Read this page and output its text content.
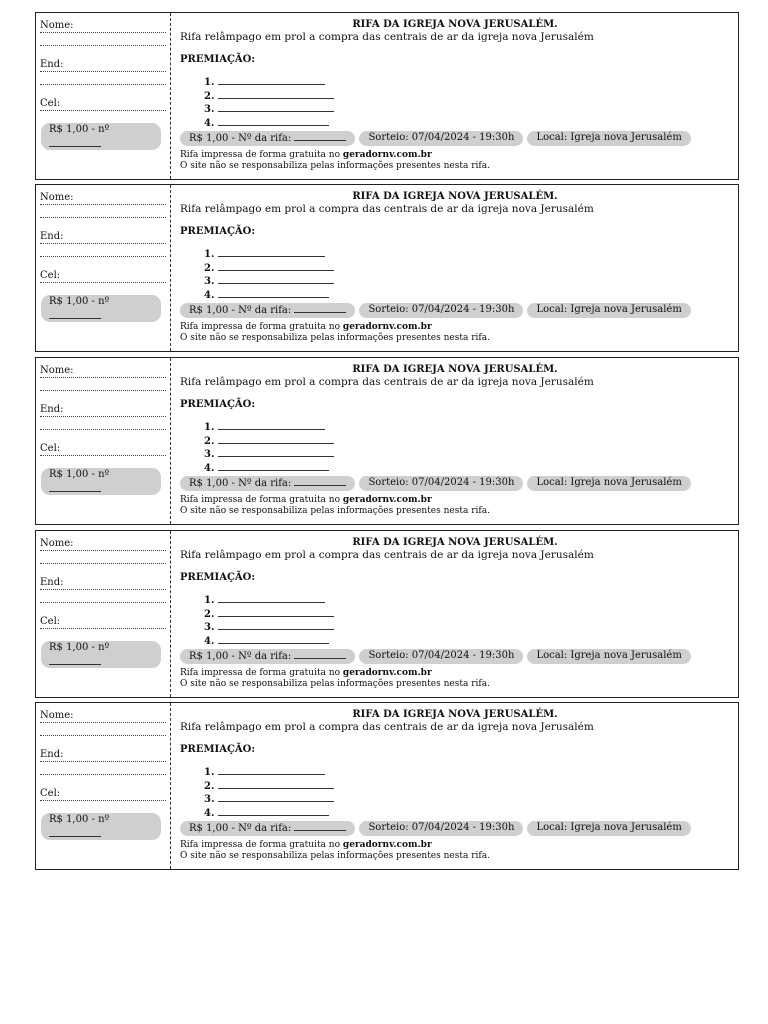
Nome:
End:
Cel:
R$ 1,00 - nº
RIFA DA IGREJA NOVA JERUSALÉM.
Rifa relâmpago em prol a compra das centrais de ar da igreja nova Jerusalém
PREMIAÇÃO:
1.
2.
3.
4.
R$ 1,00 - Nº da rifa:	Sorteio: 07/04/2024 - 19:30h	Local: Igreja nova Jerusalém
Rifa impressa de forma gratuita no geradornv.com.br
O site não se responsabiliza pelas informações presentes nesta rifa.
Nome:
End:
Cel:
R$ 1,00 - nº
RIFA DA IGREJA NOVA JERUSALÉM.
Rifa relâmpago em prol a compra das centrais de ar da igreja nova Jerusalém
PREMIAÇÃO:
1.
2.
3.
4.
R$ 1,00 - Nº da rifa:	Sorteio: 07/04/2024 - 19:30h	Local: Igreja nova Jerusalém
Rifa impressa de forma gratuita no geradornv.com.br
O site não se responsabiliza pelas informações presentes nesta rifa.
Nome:
End:
Cel:
R$ 1,00 - nº
RIFA DA IGREJA NOVA JERUSALÉM.
Rifa relâmpago em prol a compra das centrais de ar da igreja nova Jerusalém
PREMIAÇÃO:
1.
2.
3.
4.
R$ 1,00 - Nº da rifa:	Sorteio: 07/04/2024 - 19:30h	Local: Igreja nova Jerusalém
Rifa impressa de forma gratuita no geradornv.com.br
O site não se responsabiliza pelas informações presentes nesta rifa.
Nome:
End:
Cel:
R$ 1,00 - nº
RIFA DA IGREJA NOVA JERUSALÉM.
Rifa relâmpago em prol a compra das centrais de ar da igreja nova Jerusalém
PREMIAÇÃO:
1.
2.
3.
4.
R$ 1,00 - Nº da rifa:	Sorteio: 07/04/2024 - 19:30h	Local: Igreja nova Jerusalém
Rifa impressa de forma gratuita no geradornv.com.br
O site não se responsabiliza pelas informações presentes nesta rifa.
Nome:
End:
Cel:
R$ 1,00 - nº
RIFA DA IGREJA NOVA JERUSALÉM.
Rifa relâmpago em prol a compra das centrais de ar da igreja nova Jerusalém
PREMIAÇÃO:
1.
2.
3.
4.
R$ 1,00 - Nº da rifa:	Sorteio: 07/04/2024 - 19:30h	Local: Igreja nova Jerusalém
Rifa impressa de forma gratuita no geradornv.com.br
O site não se responsabiliza pelas informações presentes nesta rifa.
